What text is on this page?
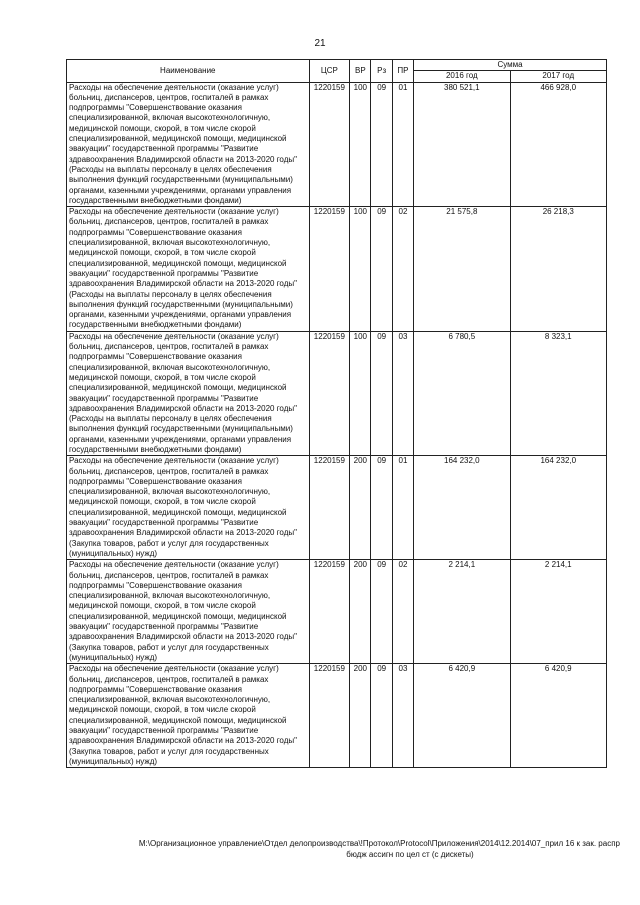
21
Наименование	ЦСР	ВР	Рз	ПР	Сумма	
					2016 год	2017 год
Расходы на обеспечение деятельности (оказание услуг) больниц, диспансеров, центров, госпиталей в рамках подпрограммы "Совершенствование оказания специализированной, включая высокотехнологичную, медицинской помощи, скорой, в том числе скорой специализированной, медицинской помощи, медицинской эвакуации" государственной программы "Развитие здравоохранения Владимирской области на 2013-2020 годы" (Расходы на выплаты персоналу в целях обеспечения выполнения функций государственными (муниципальными) органами, казенными учреждениями, органами управления государственными внебюджетными фондами)	1220159	100	09	01	380 521,1	466 928,0
Расходы на обеспечение деятельности (оказание услуг) больниц, диспансеров, центров, госпиталей в рамках подпрограммы "Совершенствование оказания специализированной, включая высокотехнологичную, медицинской помощи, скорой, в том числе скорой специализированной, медицинской помощи, медицинской эвакуации" государственной программы "Развитие здравоохранения Владимирской области на 2013-2020 годы" (Расходы на выплаты персоналу в целях обеспечения выполнения функций государственными (муниципальными) органами, казенными учреждениями, органами управления государственными внебюджетными фондами)	1220159	100	09	02	21 575,8	26 218,3
Расходы на обеспечение деятельности (оказание услуг) больниц, диспансеров, центров, госпиталей в рамках подпрограммы "Совершенствование оказания специализированной, включая высокотехнологичную, медицинской помощи, скорой, в том числе скорой специализированной, медицинской помощи, медицинской эвакуации" государственной программы "Развитие здравоохранения Владимирской области на 2013-2020 годы" (Расходы на выплаты персоналу в целях обеспечения выполнения функций государственными (муниципальными) органами, казенными учреждениями, органами управления государственными внебюджетными фондами)	1220159	100	09	03	6 780,5	8 323,1
Расходы на обеспечение деятельности (оказание услуг) больниц, диспансеров, центров, госпиталей в рамках подпрограммы "Совершенствование оказания специализированной, включая высокотехнологичную, медицинской помощи, скорой, в том числе скорой специализированной, медицинской помощи, медицинской эвакуации" государственной программы "Развитие здравоохранения Владимирской области на 2013-2020 годы" (Закупка товаров, работ и услуг для государственных (муниципальных) нужд)	1220159	200	09	01	164 232,0	164 232,0
Расходы на обеспечение деятельности (оказание услуг) больниц, диспансеров, центров, госпиталей в рамках подпрограммы "Совершенствование оказания специализированной, включая высокотехнологичную, медицинской помощи, скорой, в том числе скорой специализированной, медицинской помощи, медицинской эвакуации" государственной программы "Развитие здравоохранения Владимирской области на 2013-2020 годы" (Закупка товаров, работ и услуг для государственных (муниципальных) нужд)	1220159	200	09	02	2 214,1	2 214,1
Расходы на обеспечение деятельности (оказание услуг) больниц, диспансеров, центров, госпиталей в рамках подпрограммы "Совершенствование оказания специализированной, включая высокотехнологичную, медицинской помощи, скорой, в том числе скорой специализированной, медицинской помощи, медицинской эвакуации" государственной программы "Развитие здравоохранения Владимирской области на 2013-2020 годы" (Закупка товаров, работ и услуг для государственных (муниципальных) нужд)	1220159	200	09	03	6 420,9	6 420,9
M:\Организационное управление\Отдел делопроизводства\!Протокол\Protocol\Приложения\2014\12.2014\07_прил 16 к зак. распр
бюдж ассигн по цел ст (с дискеты)
